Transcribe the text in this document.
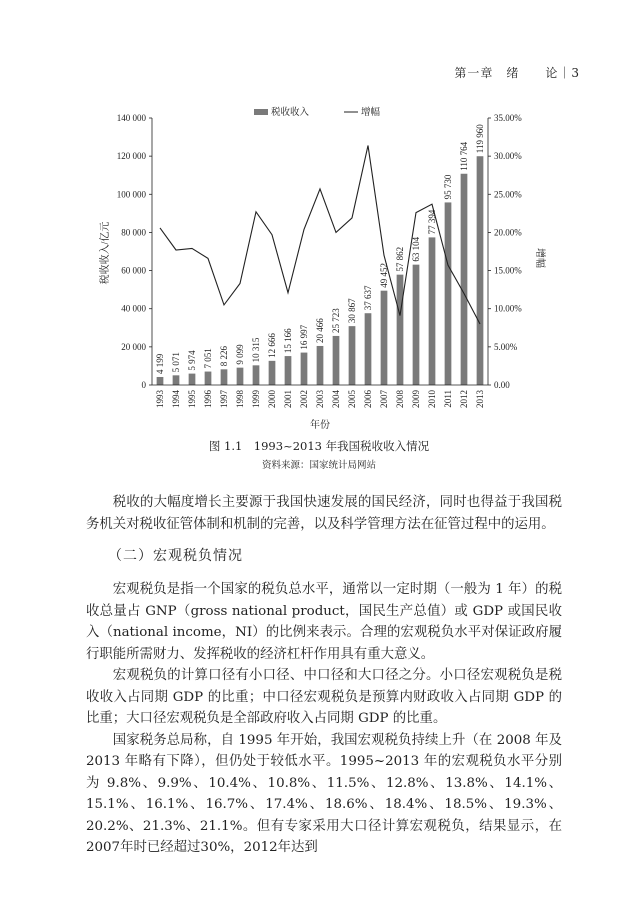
第一章　绪　　论｜3
税收收入	增幅
4 199 5 071 5 974 7 051 8 226 9 099 10 315 12 666 15 166 16 997 20 466 25 723 30 867
37 637
49 452
57 862 63 104
77 394
95 730
110 764
119 960
0
20 000
40 000
60 000
80 000
100 000
120 000
140 000
0.00
5.00%
10.00%
15.00%
20.00%
25.00%
30.00%
35.00%
1993 1994 1995 1996 1997 1998 1999 2000 2001 2002 2003 2004 2005 2006 2007 2008 2009 2010 2011 2012 2013
税收收入/亿元	增幅
年份
图 1.1　1993~2013 年我国税收收入情况
资料来源：国家统计局网站

税收的大幅度增长主要源于我国快速发展的国民经济，同时也得益于我国税务机关对税收征管体制和机制的完善，以及科学管理方法在征管过程中的运用。

（二）宏观税负情况

宏观税负是指一个国家的税负总水平，通常以一定时期（一般为 1 年）的税收总量占 GNP（gross national product，国民生产总值）或 GDP 或国民收入（national income，NI）的比例来表示。合理的宏观税负水平对保证政府履行职能所需财力、发挥税收的经济杠杆作用具有重大意义。

宏观税负的计算口径有小口径、中口径和大口径之分。小口径宏观税负是税收收入占同期 GDP 的比重；中口径宏观税负是预算内财政收入占同期 GDP 的比重；大口径宏观税负是全部政府收入占同期 GDP 的比重。

国家税务总局称，自 1995 年开始，我国宏观税负持续上升（在 2008 年及 2013 年略有下降），但仍处于较低水平。1995~2013 年的宏观税负水平分别为 9.8%、9.9%、10.4%、10.8%、11.5%、12.8%、13.8%、14.1%、15.1%、16.1%、16.7%、17.4%、18.6%、18.4%、18.5%、19.3%、20.2%、21.3%、21.1%。但有专家采用大口径计算宏观税负，结果显示，在2007年时已经超过30%，2012年达到
